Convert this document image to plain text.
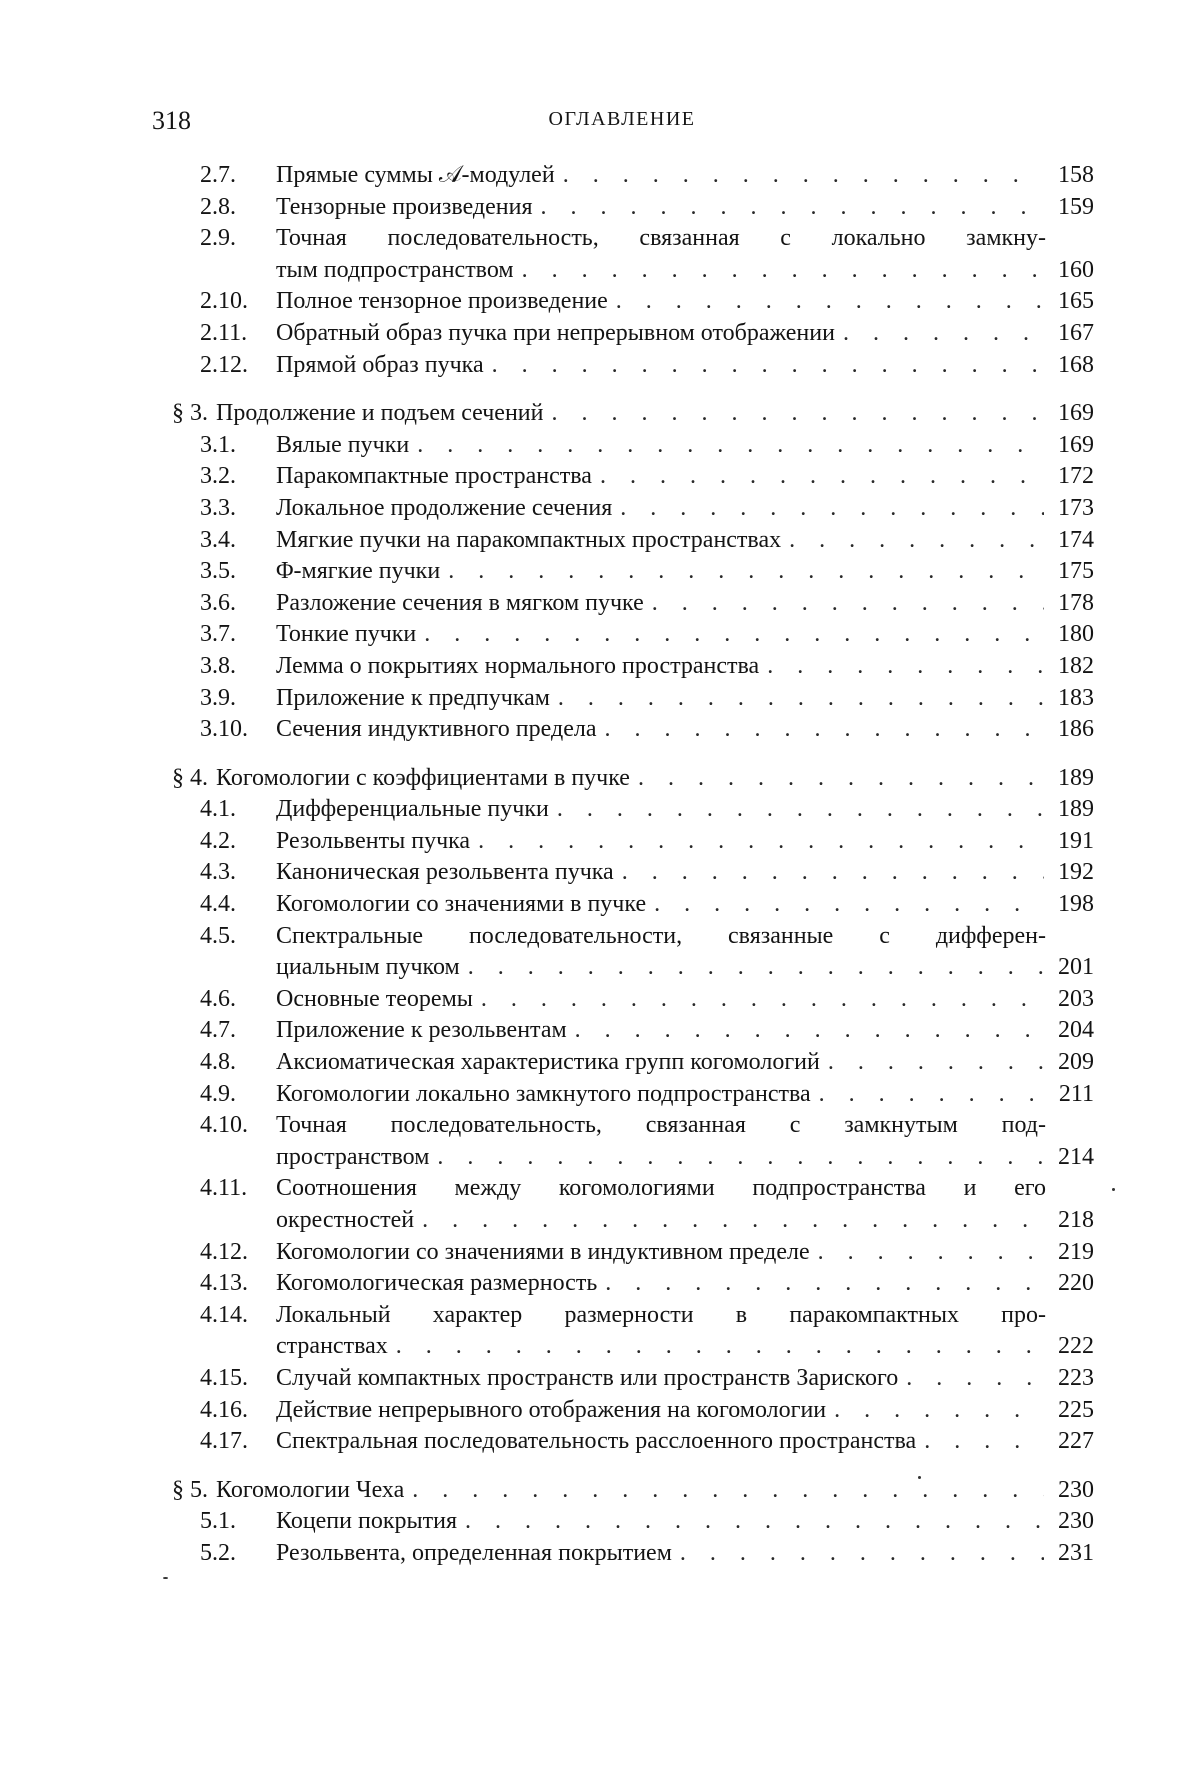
318	ОГЛАВЛЕНИЕ
2.7.	Прямые суммы 𝒜-модулей . . .	158
2.8.	Тензорные произведения . . .	159
2.9.	Точная последовательность, связанная с локально замкну-
тым подпространством . . .	160
2.10.	Полное тензорное произведение . . .	165
2.11.	Обратный образ пучка при непрерывном отображении . . .	167
2.12.	Прямой образ пучка . . .	168
§ 3. Продолжение и подъем сечений . . .	169
3.1.	Вялые пучки . . .	169
3.2.	Паракомпактные пространства . . .	172
3.3.	Локальное продолжение сечения . . .	173
3.4.	Мягкие пучки на паракомпактных пространствах . . .	174
3.5.	Φ-мягкие пучки . . .	175
3.6.	Разложение сечения в мягком пучке . . .	178
3.7.	Тонкие пучки . . .	180
3.8.	Лемма о покрытиях нормального пространства . . .	182
3.9.	Приложение к предпучкам . . .	183
3.10.	Сечения индуктивного предела . . .	186
§ 4. Когомологии с коэффициентами в пучке . . .	189
4.1.	Дифференциальные пучки . . .	189
4.2.	Резольвенты пучка . . .	191
4.3.	Каноническая резольвента пучка . . .	192
4.4.	Когомологии со значениями в пучке . . .	198
4.5.	Спектральные последовательности, связанные с дифферен-
циальным пучком . . .	201
4.6.	Основные теоремы . . .	203
4.7.	Приложение к резольвентам . . .	204
4.8.	Аксиоматическая характеристика групп когомологий . . .	209
4.9.	Когомологии локально замкнутого подпространства . . .	211
4.10.	Точная последовательность, связанная с замкнутым под-
пространством . . .	214
4.11.	Соотношения между когомологиями подпространства и его
окрестностей . . .	218
4.12.	Когомологии со значениями в индуктивном пределе . . .	219
4.13.	Когомологическая размерность . . .	220
4.14.	Локальный характер размерности в паракомпактных про-
странствах . . .	222
4.15.	Случай компактных пространств или пространств Зариского . . .	223
4.16.	Действие непрерывного отображения на когомологии . . .	225
4.17.	Спектральная последовательность расслоенного пространства . . .	227
§ 5. Когомологии Чеха . . .	230
5.1.	Коцепи покрытия . . .	230
5.2.	Резольвента, определенная покрытием . . .	231
